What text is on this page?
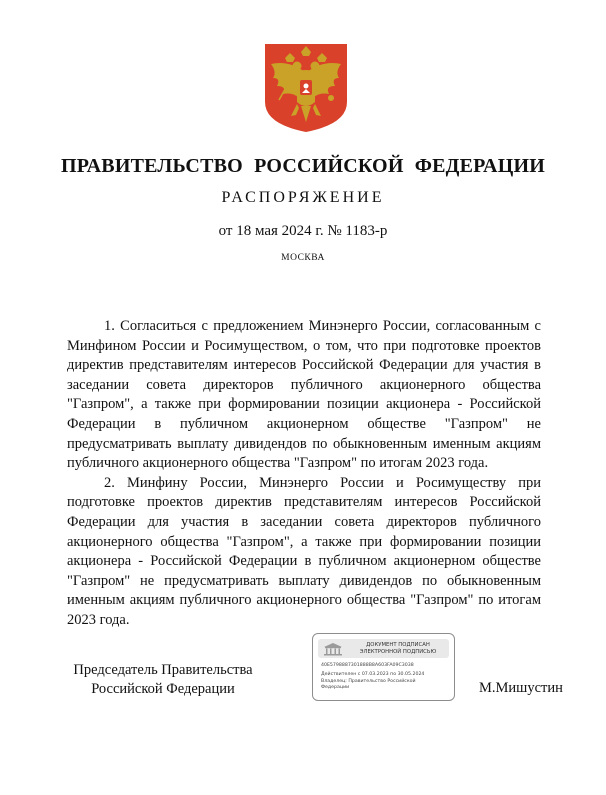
ПРАВИТЕЛЬСТВО РОССИЙСКОЙ ФЕДЕРАЦИИ
РАСПОРЯЖЕНИЕ
от 18 мая 2024 г. № 1183-р
МОСКВА

1. Согласиться с предложением Минэнерго России, согласованным с Минфином России и Росимуществом, о том, что при подготовке проектов директив представителям интересов Российской Федерации для участия в заседании совета директоров публичного акционерного общества "Газпром", а также при формировании позиции акционера - Российской Федерации в публичном акционерном обществе "Газпром" не предусматривать выплату дивидендов по обыкновенным именным акциям публичного акционерного общества "Газпром" по итогам 2023 года.

2. Минфину России, Минэнерго России и Росимуществу при подготовке проектов директив представителям интересов Российской Федерации для участия в заседании совета директоров публичного акционерного общества "Газпром", а также при формировании позиции акционера - Российской Федерации в публичном акционерном обществе "Газпром" не предусматривать выплату дивидендов по обыкновенным именным акциям публичного акционерного общества "Газпром" по итогам 2023 года.

Председатель Правительства
Российской Федерации
ДОКУМЕНТ ПОДПИСАН
ЭЛЕКТРОННОЙ ПОДПИСЬЮ
40E5798887301888B8A603FA09C3038
Действителен с 07.03.2023 по 30.05.2024
Владелец: Правительство Российской
Федерации	М.Мишустин
